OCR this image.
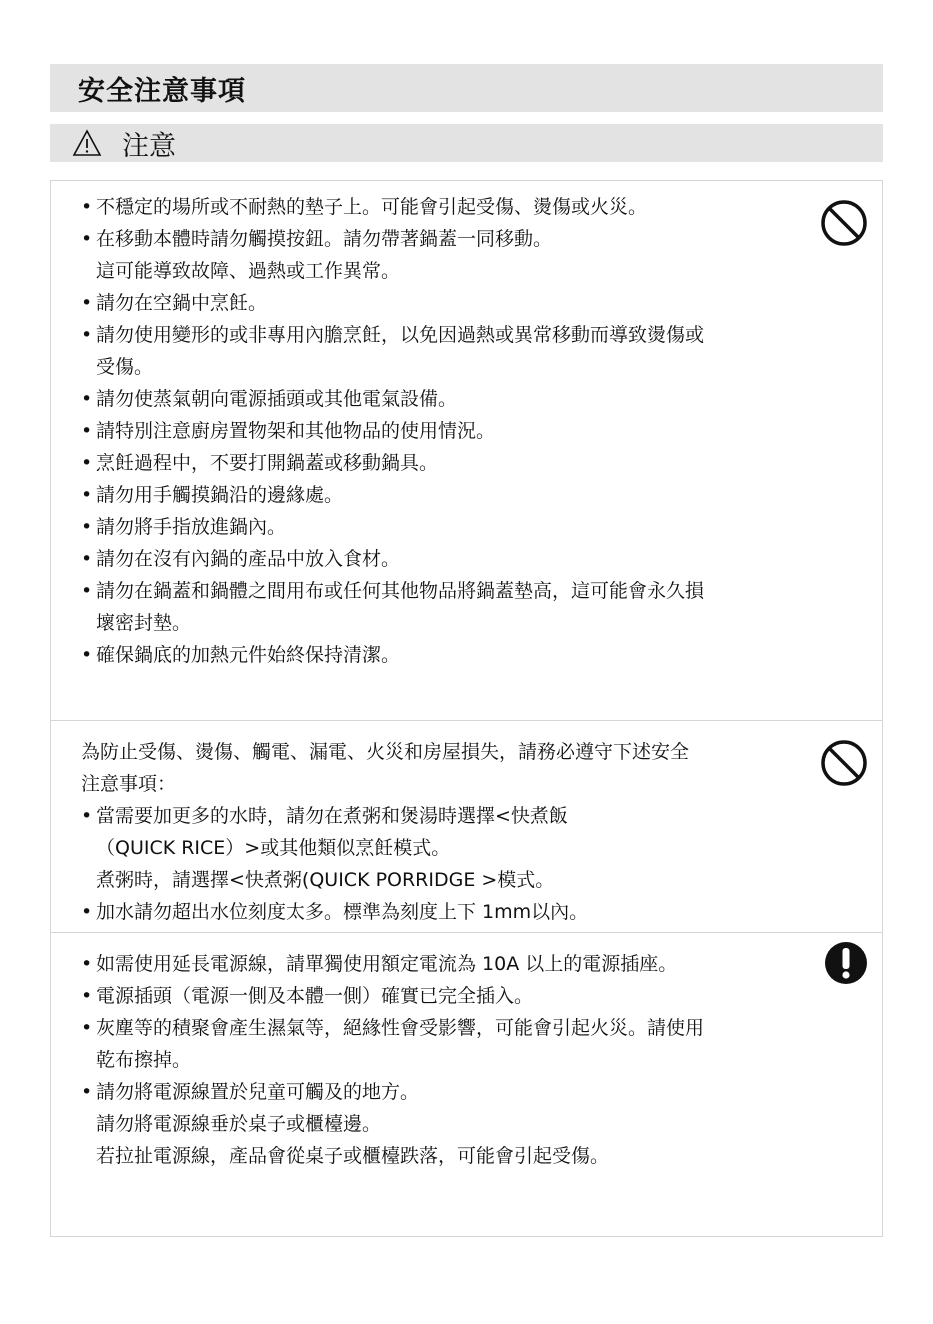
安全注意事項
注意
• 不穩定的場所或不耐熱的墊子上。可能會引起受傷、燙傷或火災。
• 在移動本體時請勿觸摸按鈕。請勿帶著鍋蓋一同移動。
這可能導致故障、過熱或工作異常。
• 請勿在空鍋中烹飪。
• 請勿使用變形的或非專用內膽烹飪，以免因過熱或異常移動而導致燙傷或
受傷。
• 請勿使蒸氣朝向電源插頭或其他電氣設備。
• 請特別注意廚房置物架和其他物品的使用情況。
• 烹飪過程中，不要打開鍋蓋或移動鍋具。
• 請勿用手觸摸鍋沿的邊緣處。
• 請勿將手指放進鍋內。
• 請勿在沒有內鍋的產品中放入食材。
• 請勿在鍋蓋和鍋體之間用布或任何其他物品將鍋蓋墊高，這可能會永久損
壞密封墊。
• 確保鍋底的加熱元件始終保持清潔。
為防止受傷、燙傷、觸電、漏電、火災和房屋損失，請務必遵守下述安全
注意事項：
• 當需要加更多的水時，請勿在煮粥和煲湯時選擇<快煮飯
（QUICK RICE）>或其他類似烹飪模式。
煮粥時，請選擇<快煮粥(QUICK PORRIDGE >模式。
• 加水請勿超出水位刻度太多。標準為刻度上下 1mm以內。
• 如需使用延長電源線，請單獨使用額定電流為 10A 以上的電源插座。
• 電源插頭（電源一側及本體一側）確實已完全插入。
• 灰塵等的積聚會產生濕氣等，絕緣性會受影響，可能會引起火災。請使用
乾布擦掉。
• 請勿將電源線置於兒童可觸及的地方。
請勿將電源線垂於桌子或櫃檯邊。
若拉扯電源線，產品會從桌子或櫃檯跌落，可能會引起受傷。
